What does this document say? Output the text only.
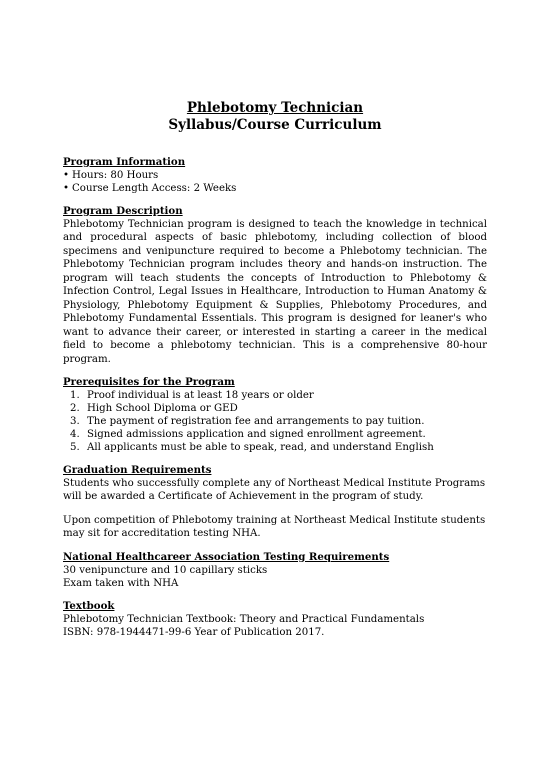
Phlebotomy Technician

Syllabus/Course Curriculum

Program Information

• Hours: 80 Hours

• Course Length Access: 2 Weeks

Program Description

Phlebotomy Technician program is designed to teach the knowledge in technical and procedural aspects of basic phlebotomy, including collection of blood specimens and venipuncture required to become a Phlebotomy technician. The Phlebotomy Technician program includes theory and hands-on instruction. The program will teach students the concepts of Introduction to Phlebotomy & Infection Control, Legal Issues in Healthcare, Introduction to Human Anatomy & Physiology, Phlebotomy Equipment & Supplies, Phlebotomy Procedures, and Phlebotomy Fundamental Essentials. This program is designed for leaner's who want to advance their career, or interested in starting a career in the medical field to become a phlebotomy technician. This is a comprehensive 80-hour program.

Prerequisites for the Program

1. Proof individual is at least 18 years or older
2. High School Diploma or GED
3. The payment of registration fee and arrangements to pay tuition.
4. Signed admissions application and signed enrollment agreement.
5. All applicants must be able to speak, read, and understand English

Graduation Requirements

Students who successfully complete any of Northeast Medical Institute Programs will be awarded a Certificate of Achievement in the program of study.

Upon competition of Phlebotomy training at Northeast Medical Institute students may sit for accreditation testing NHA.

National Healthcareer Association Testing Requirements

30 venipuncture and 10 capillary sticks

Exam taken with NHA

Textbook

Phlebotomy Technician Textbook: Theory and Practical Fundamentals

ISBN: 978-1944471-99-6 Year of Publication 2017.
